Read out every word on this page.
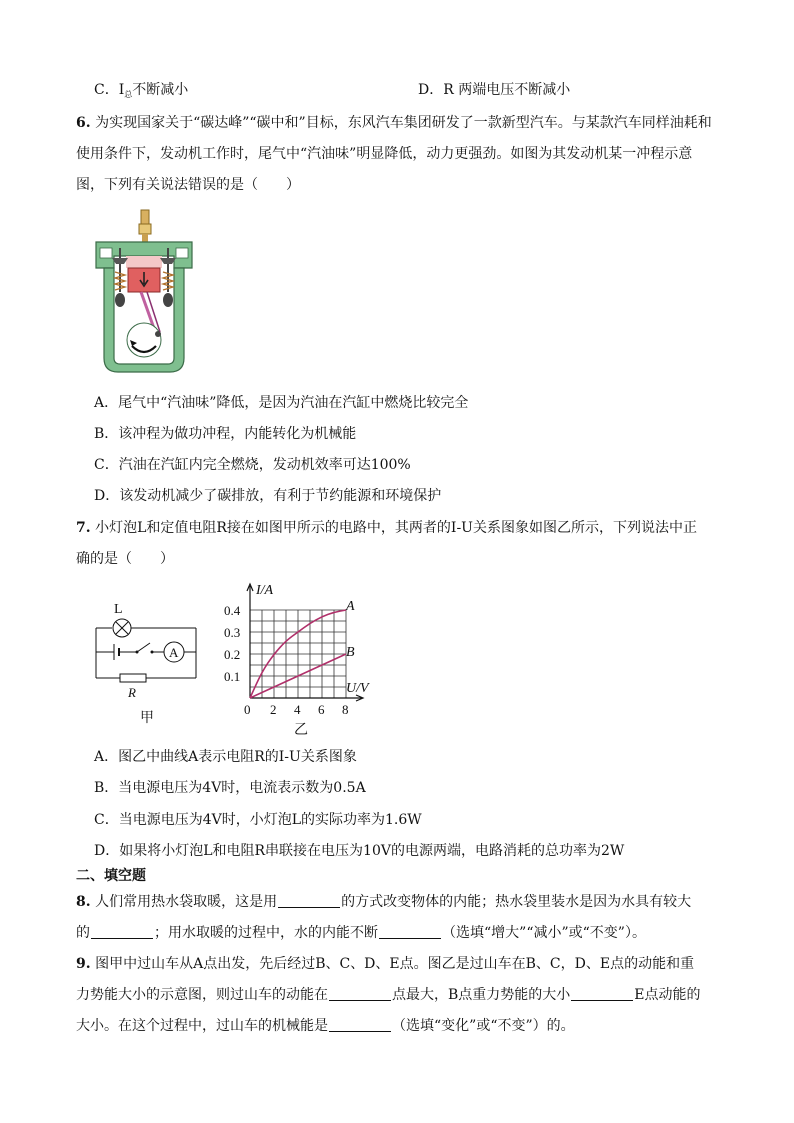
C．$I_总$不断减小	D．R 两端电压不断减小
6. 为实现国家关于“碳达峰”“碳中和”目标，东风汽车集团研发了一款新型汽车。与某款汽车同样油耗和
使用条件下，发动机工作时，尾气中“汽油味”明显降低，动力更强劲。如图为其发动机某一冲程示意
图，下列有关说法错误的是（　　）
A．尾气中“汽油味”降低，是因为汽油在汽缸中燃烧比较完全
B．该冲程为做功冲程，内能转化为机械能
C．汽油在汽缸内完全燃烧，发动机效率可达100%
D．该发动机减少了碳排放，有利于节约能源和环境保护
7. 小灯泡L和定值电阻R接在如图甲所示的电路中，其两者的I-U关系图象如图乙所示，下列说法中正
确的是（　　）
L
A
R
甲
2 4 6 8
0.1
0.2
0.3
0.4
I/A
U/V
0
A
B
乙
A．图乙中曲线A表示电阻R的I-U关系图象
B．当电源电压为4V时，电流表示数为0.5A
C．当电源电压为4V时，小灯泡L的实际功率为1.6W
D．如果将小灯泡L和电阻R串联接在电压为10V的电源两端，电路消耗的总功率为2W
二、填空题
8. 人们常用热水袋取暖，这是用	的方式改变物体的内能；热水袋里装水是因为水具有较大
的	；用水取暖的过程中，水的内能不断	（选填“增大”“减小”或“不变”）。
9. 图甲中过山车从A点出发，先后经过B、C、D、E点。图乙是过山车在B、C，D、E点的动能和重
力势能大小的示意图，则过山车的动能在	点最大，B点重力势能的大小	E点动能的
大小。在这个过程中，过山车的机械能是	（选填“变化”或“不变”）的。
